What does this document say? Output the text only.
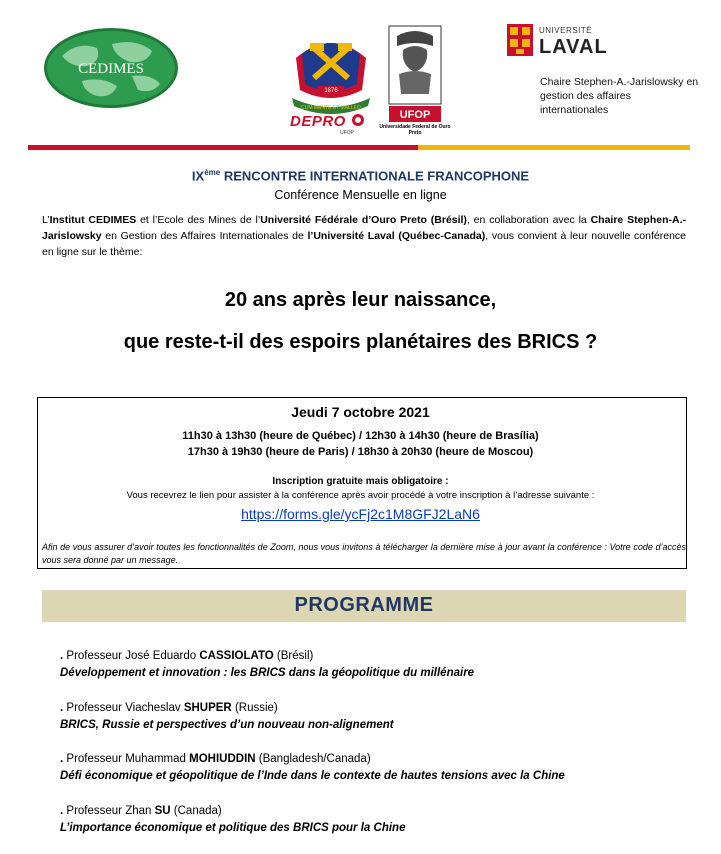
CEDIMES
1876
CUM MENTE ET MALLEO
UFOP
Universidade Federal de Ouro Preto
DEPRO
UFOP
UNIVERSITÉ
LAVAL
Chaire Stephen-A.-Jarislowsky en gestion des affaires internationales
IXème RENCONTRE INTERNATIONALE FRANCOPHONE
Conférence Mensuelle en ligne
L’Institut CEDIMES et l’Ecole des Mines de l’Université Fédérale d’Ouro Preto (Brésil), en collaboration avec la Chaire Stephen-A.-Jarislowsky en Gestion des Affaires Internationales de l’Université Laval (Québec-Canada), vous convient à leur nouvelle conférence en ligne sur le thème:
20 ans après leur naissance,
que reste-t-il des espoirs planétaires des BRICS ?
Jeudi 7 octobre 2021
11h30 à 13h30 (heure de Québec) / 12h30 à 14h30 (heure de Brasília)
17h30 à 19h30 (heure de Paris) / 18h30 à 20h30 (heure de Moscou)
Inscription gratuite mais obligatoire :
Vous recevrez le lien pour assister à la conférence après avoir procédé à votre inscription à l’adresse suivante :
https://forms.gle/ycFj2c1M8GFJ2LaN6
Afin de vous assurer d’avoir toutes les fonctionnalités de Zoom, nous vous invitons à télécharger la dernière mise à jour avant la conférence : Votre code d’accès vous sera donné par un message.
PROGRAMME
. Professeur José Eduardo CASSIOLATO (Brésil)
Développement et innovation : les BRICS dans la géopolitique du millénaire
. Professeur Viacheslav SHUPER (Russie)
BRICS, Russie et perspectives d’un nouveau non-alignement
. Professeur Muhammad MOHIUDDIN (Bangladesh/Canada)
Défi économique et géopolitique de l’Inde dans le contexte de hautes tensions avec la Chine
. Professeur Zhan SU (Canada)
L’importance économique et politique des BRICS pour la Chine
